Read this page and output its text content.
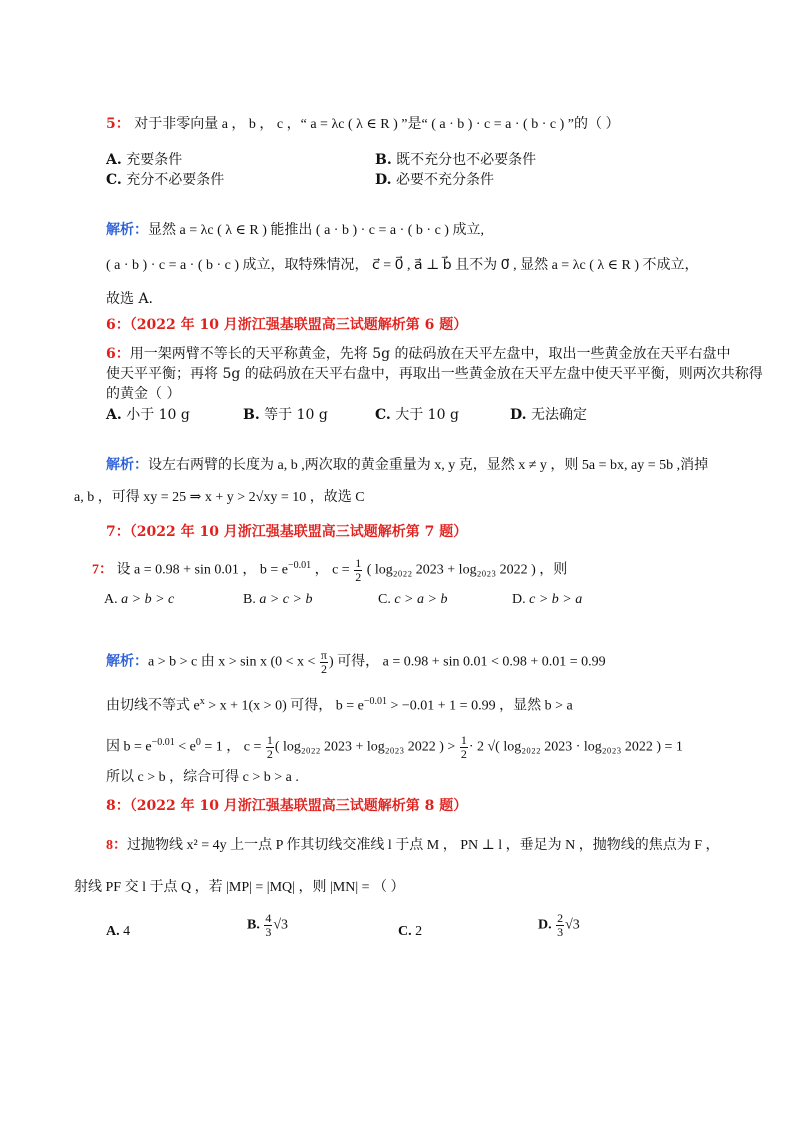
5： 对于非零向量 a ， b ， c ，“ a = λc ( λ ∈ R ) ”是“ ( a · b ) · c = a · ( b · c ) ”的（ ）
A. 充要条件	B. 既不充分也不必要条件
C. 充分不必要条件	D. 必要不充分条件
解析：显然 a = λc ( λ ∈ R ) 能推出 ( a · b ) · c = a · ( b · c ) 成立,
( a · b ) · c = a · ( b · c ) 成立，取特殊情况， c⃗ = 0⃗ , a⃗ ⊥ b⃗ 且不为 0⃗ , 显然 a = λc ( λ ∈ R ) 不成立，
故选 A.
6：（2022 年 10 月浙江强基联盟高三试题解析第 6 题）
6：用一架两臂不等长的天平称黄金，先将 5g 的砝码放在天平左盘中，取出一些黄金放在天平右盘中
使天平平衡；再将 5g 的砝码放在天平右盘中，再取出一些黄金放在天平左盘中使天平平衡，则两次共称得
的黄金（ ）
A. 小于 10 g	B. 等于 10 g	C. 大于 10 g	D. 无法确定
解析：设左右两臂的长度为 a, b ,两次取的黄金重量为 x, y 克，显然 x ≠ y ，则 5a = bx, ay = 5b ,消掉
a, b ，可得 xy = 25 ⇒ x + y > 2√xy = 10 ，故选 C
7：（2022 年 10 月浙江强基联盟高三试题解析第 7 题）
7： 设 a = 0.98 + sin 0.01 ， $b = e^{-0.01}$ ， $c = \frac{1}{2}$ ( log₂₀₂₂ 2023 + log₂₀₂₃ 2022 ) ，则
A. a > b > c	B. a > c > b	C. c > a > b	D. c > b > a
解析：a > b > c 由 x > sin x ($0 < x < \frac{\pi}{2}$ ) 可得， a = 0.98 + sin 0.01 < 0.98 + 0.01 = 0.99
由切线不等式 $e^x > x + 1(x > 0)$ 可得， $b = e^{-0.01} > -0.01 + 1 = 0.99$ ，显然 b > a
因 $b = e^{-0.01} < e^0 = 1$ ， $c = \frac{1}{2}$ ( log₂₀₂₂ 2023 + log₂₀₂₃ 2022 ) > $\frac{1}{2} \cdot 2$ √( log₂₀₂₂ 2023 · log₂₀₂₃ 2022 ) = 1
所以 c > b ，综合可得 c > b > a .
8：（2022 年 10 月浙江强基联盟高三试题解析第 8 题）
8：过抛物线 x² = 4y 上一点 P 作其切线交准线 l 于点 M ， PN ⊥ l ，垂足为 N ，抛物线的焦点为 F ，
射线 PF 交 l 于点 Q ，若 |MP| = |MQ| ，则 |MN| = （ ）
A. 4	B. $\frac{4}{3} √3$	C. 2	D. $\frac{2}{3} √3$
